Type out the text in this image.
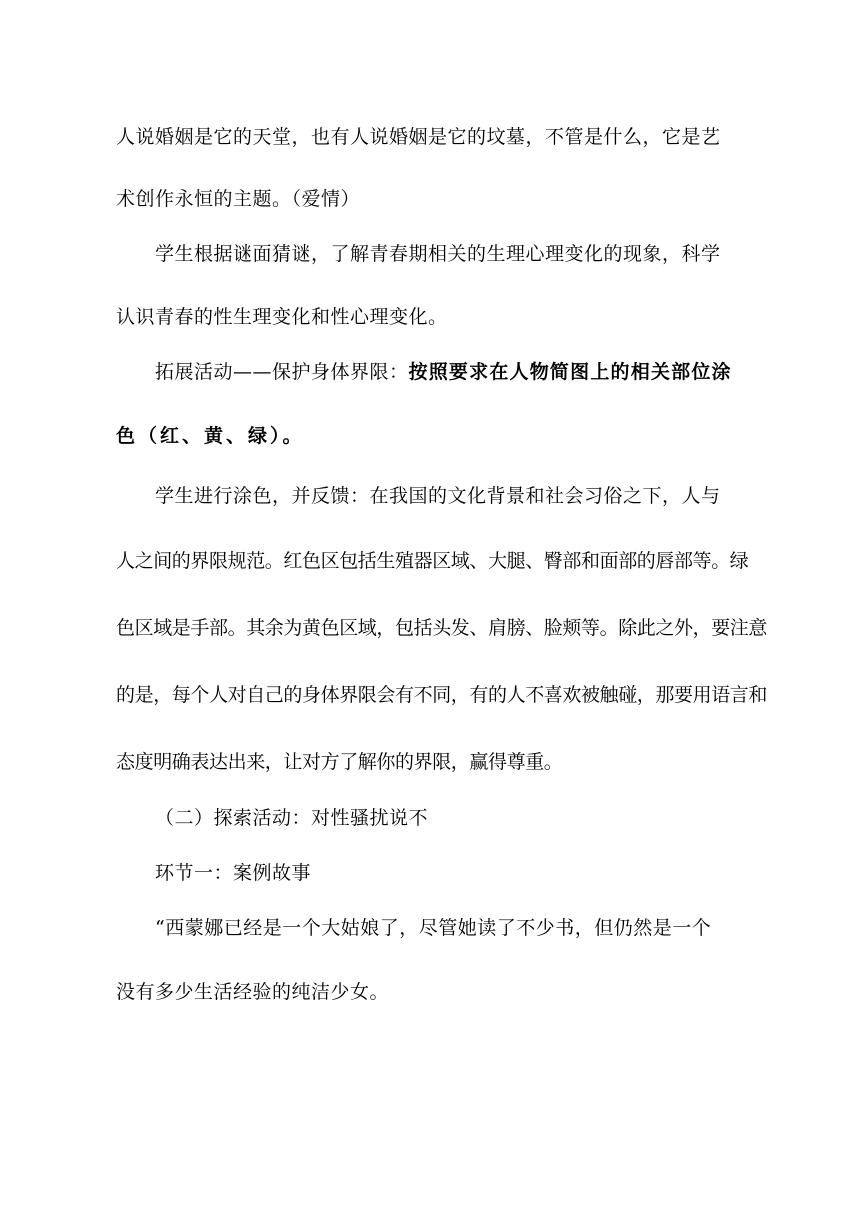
人说婚姻是它的天堂，也有人说婚姻是它的坟墓，不管是什么，它是艺
术创作永恒的主题。（爱情）
学生根据谜面猜谜，了解青春期相关的生理心理变化的现象，科学
认识青春的性生理变化和性心理变化。
拓展活动——保护身体界限：按照要求在人物简图上的相关部位涂
色（红、黄、绿）。
学生进行涂色，并反馈：在我国的文化背景和社会习俗之下，人与
人之间的界限规范。红色区包括生殖器区域、大腿、臀部和面部的唇部等。绿
色区域是手部。其余为黄色区域，包括头发、肩膀、脸颊等。除此之外，要注意
的是，每个人对自己的身体界限会有不同，有的人不喜欢被触碰，那要用语言和
态度明确表达出来，让对方了解你的界限，赢得尊重。
（二）探索活动：对性骚扰说不
环节一：案例故事
“西蒙娜已经是一个大姑娘了，尽管她读了不少书，但仍然是一个
没有多少生活经验的纯洁少女。
